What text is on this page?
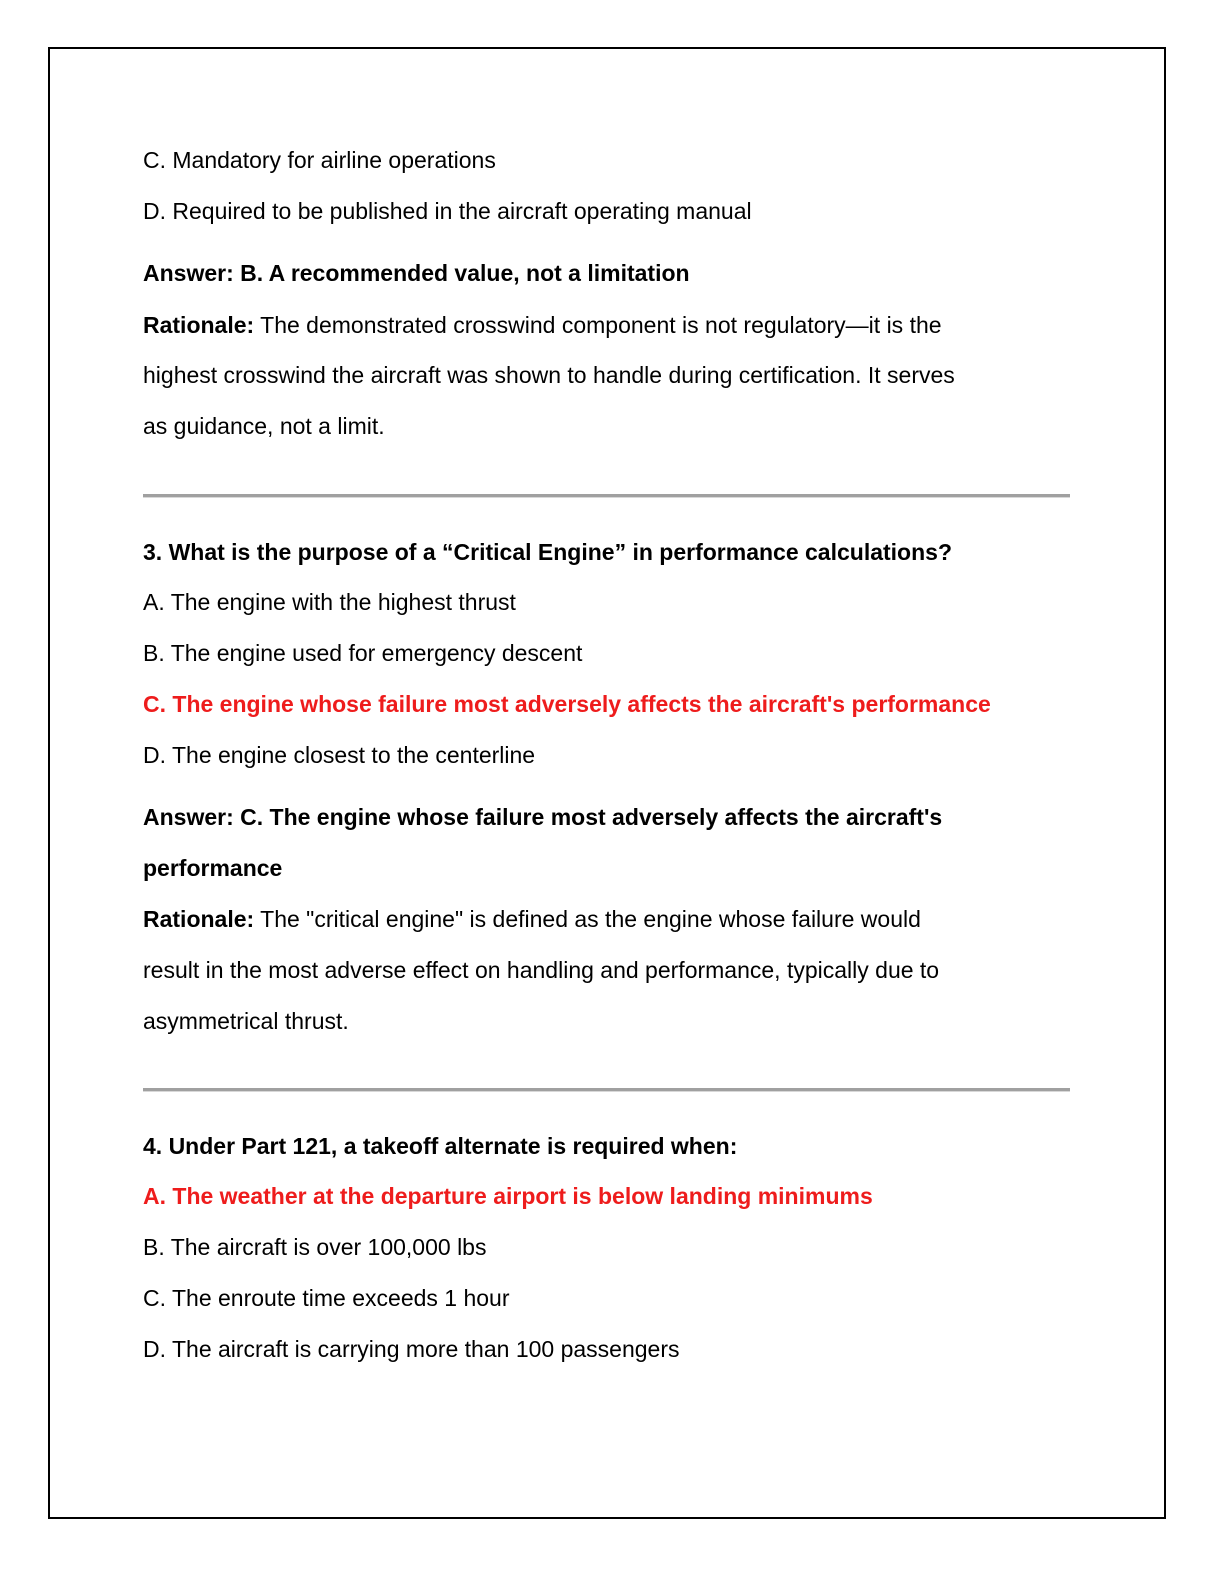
C. Mandatory for airline operations
D. Required to be published in the aircraft operating manual
Answer: B. A recommended value, not a limitation
Rationale: The demonstrated crosswind component is not regulatory—it is the
highest crosswind the aircraft was shown to handle during certification. It serves
as guidance, not a limit.
3. What is the purpose of a “Critical Engine” in performance calculations?
A. The engine with the highest thrust
B. The engine used for emergency descent
C. The engine whose failure most adversely affects the aircraft's performance
D. The engine closest to the centerline
Answer: C. The engine whose failure most adversely affects the aircraft's
performance
Rationale: The "critical engine" is defined as the engine whose failure would
result in the most adverse effect on handling and performance, typically due to
asymmetrical thrust.
4. Under Part 121, a takeoff alternate is required when:
A. The weather at the departure airport is below landing minimums
B. The aircraft is over 100,000 lbs
C. The enroute time exceeds 1 hour
D. The aircraft is carrying more than 100 passengers
